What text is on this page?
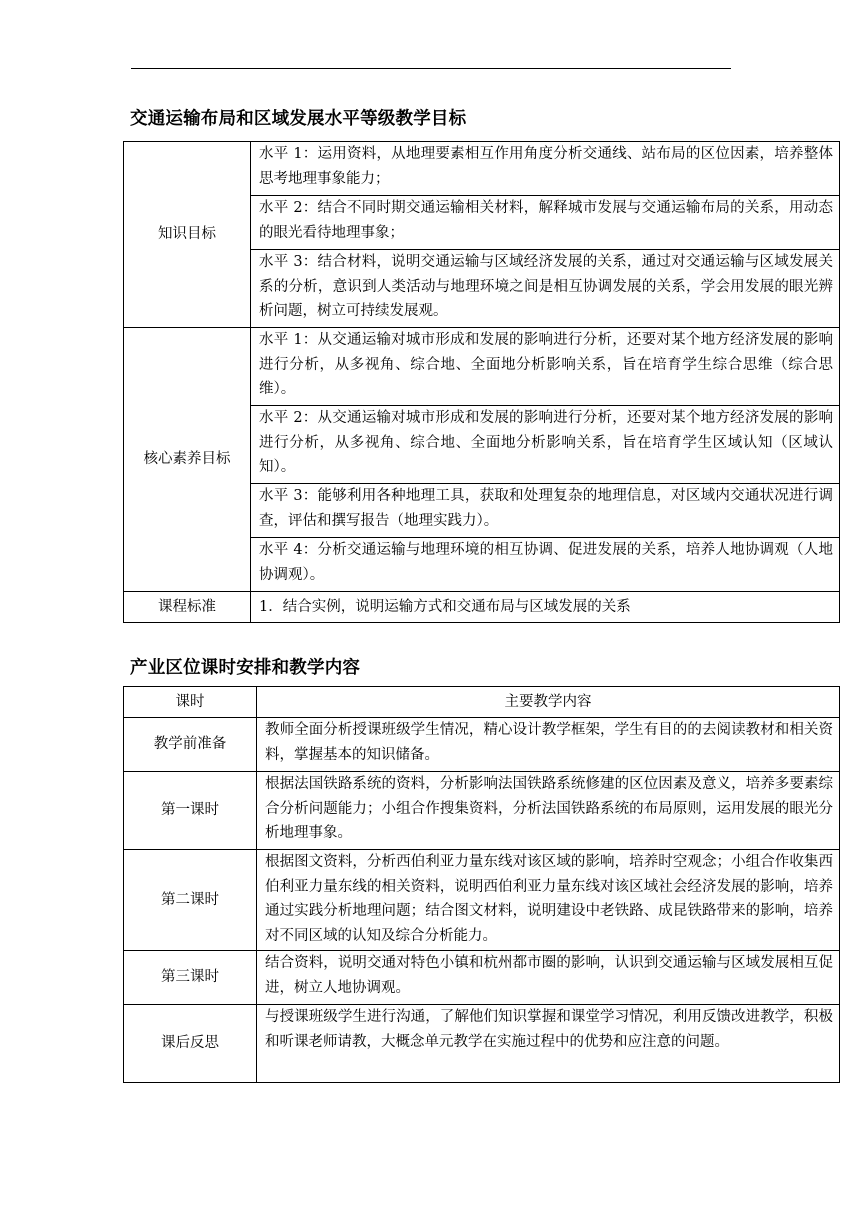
交通运输布局和区域发展水平等级教学目标
知识目标	水平 1：运用资料，从地理要素相互作用角度分析交通线、站布局的区位因素，培养整体思考地理事象能力；
	水平 2：结合不同时期交通运输相关材料，解释城市发展与交通运输布局的关系，用动态的眼光看待地理事象；
	水平 3：结合材料，说明交通运输与区域经济发展的关系，通过对交通运输与区域发展关系的分析，意识到人类活动与地理环境之间是相互协调发展的关系，学会用发展的眼光辨析问题，树立可持续发展观。
核心素养目标	水平 1：从交通运输对城市形成和发展的影响进行分析，还要对某个地方经济发展的影响进行分析，从多视角、综合地、全面地分析影响关系，旨在培育学生综合思维（综合思维）。
	水平 2：从交通运输对城市形成和发展的影响进行分析，还要对某个地方经济发展的影响进行分析，从多视角、综合地、全面地分析影响关系，旨在培育学生区域认知（区域认知）。
	水平 3：能够利用各种地理工具，获取和处理复杂的地理信息，对区域内交通状况进行调查，评估和撰写报告（地理实践力）。
	水平 4：分析交通运输与地理环境的相互协调、促进发展的关系，培养人地协调观（人地协调观）。
课程标准	1．结合实例，说明运输方式和交通布局与区域发展的关系
产业区位课时安排和教学内容
课时	主要教学内容
教学前准备	教师全面分析授课班级学生情况，精心设计教学框架，学生有目的的去阅读教材和相关资料，掌握基本的知识储备。
第一课时	根据法国铁路系统的资料，分析影响法国铁路系统修建的区位因素及意义，培养多要素综合分析问题能力；小组合作搜集资料，分析法国铁路系统的布局原则，运用发展的眼光分析地理事象。
第二课时	根据图文资料，分析西伯利亚力量东线对该区域的影响，培养时空观念；小组合作收集西伯利亚力量东线的相关资料，说明西伯利亚力量东线对该区域社会经济发展的影响，培养通过实践分析地理问题；结合图文材料，说明建设中老铁路、成昆铁路带来的影响，培养对不同区域的认知及综合分析能力。
第三课时	结合资料，说明交通对特色小镇和杭州都市圈的影响，认识到交通运输与区域发展相互促进，树立人地协调观。
课后反思	与授课班级学生进行沟通，了解他们知识掌握和课堂学习情况，利用反馈改进教学，积极和听课老师请教，大概念单元教学在实施过程中的优势和应注意的问题。
